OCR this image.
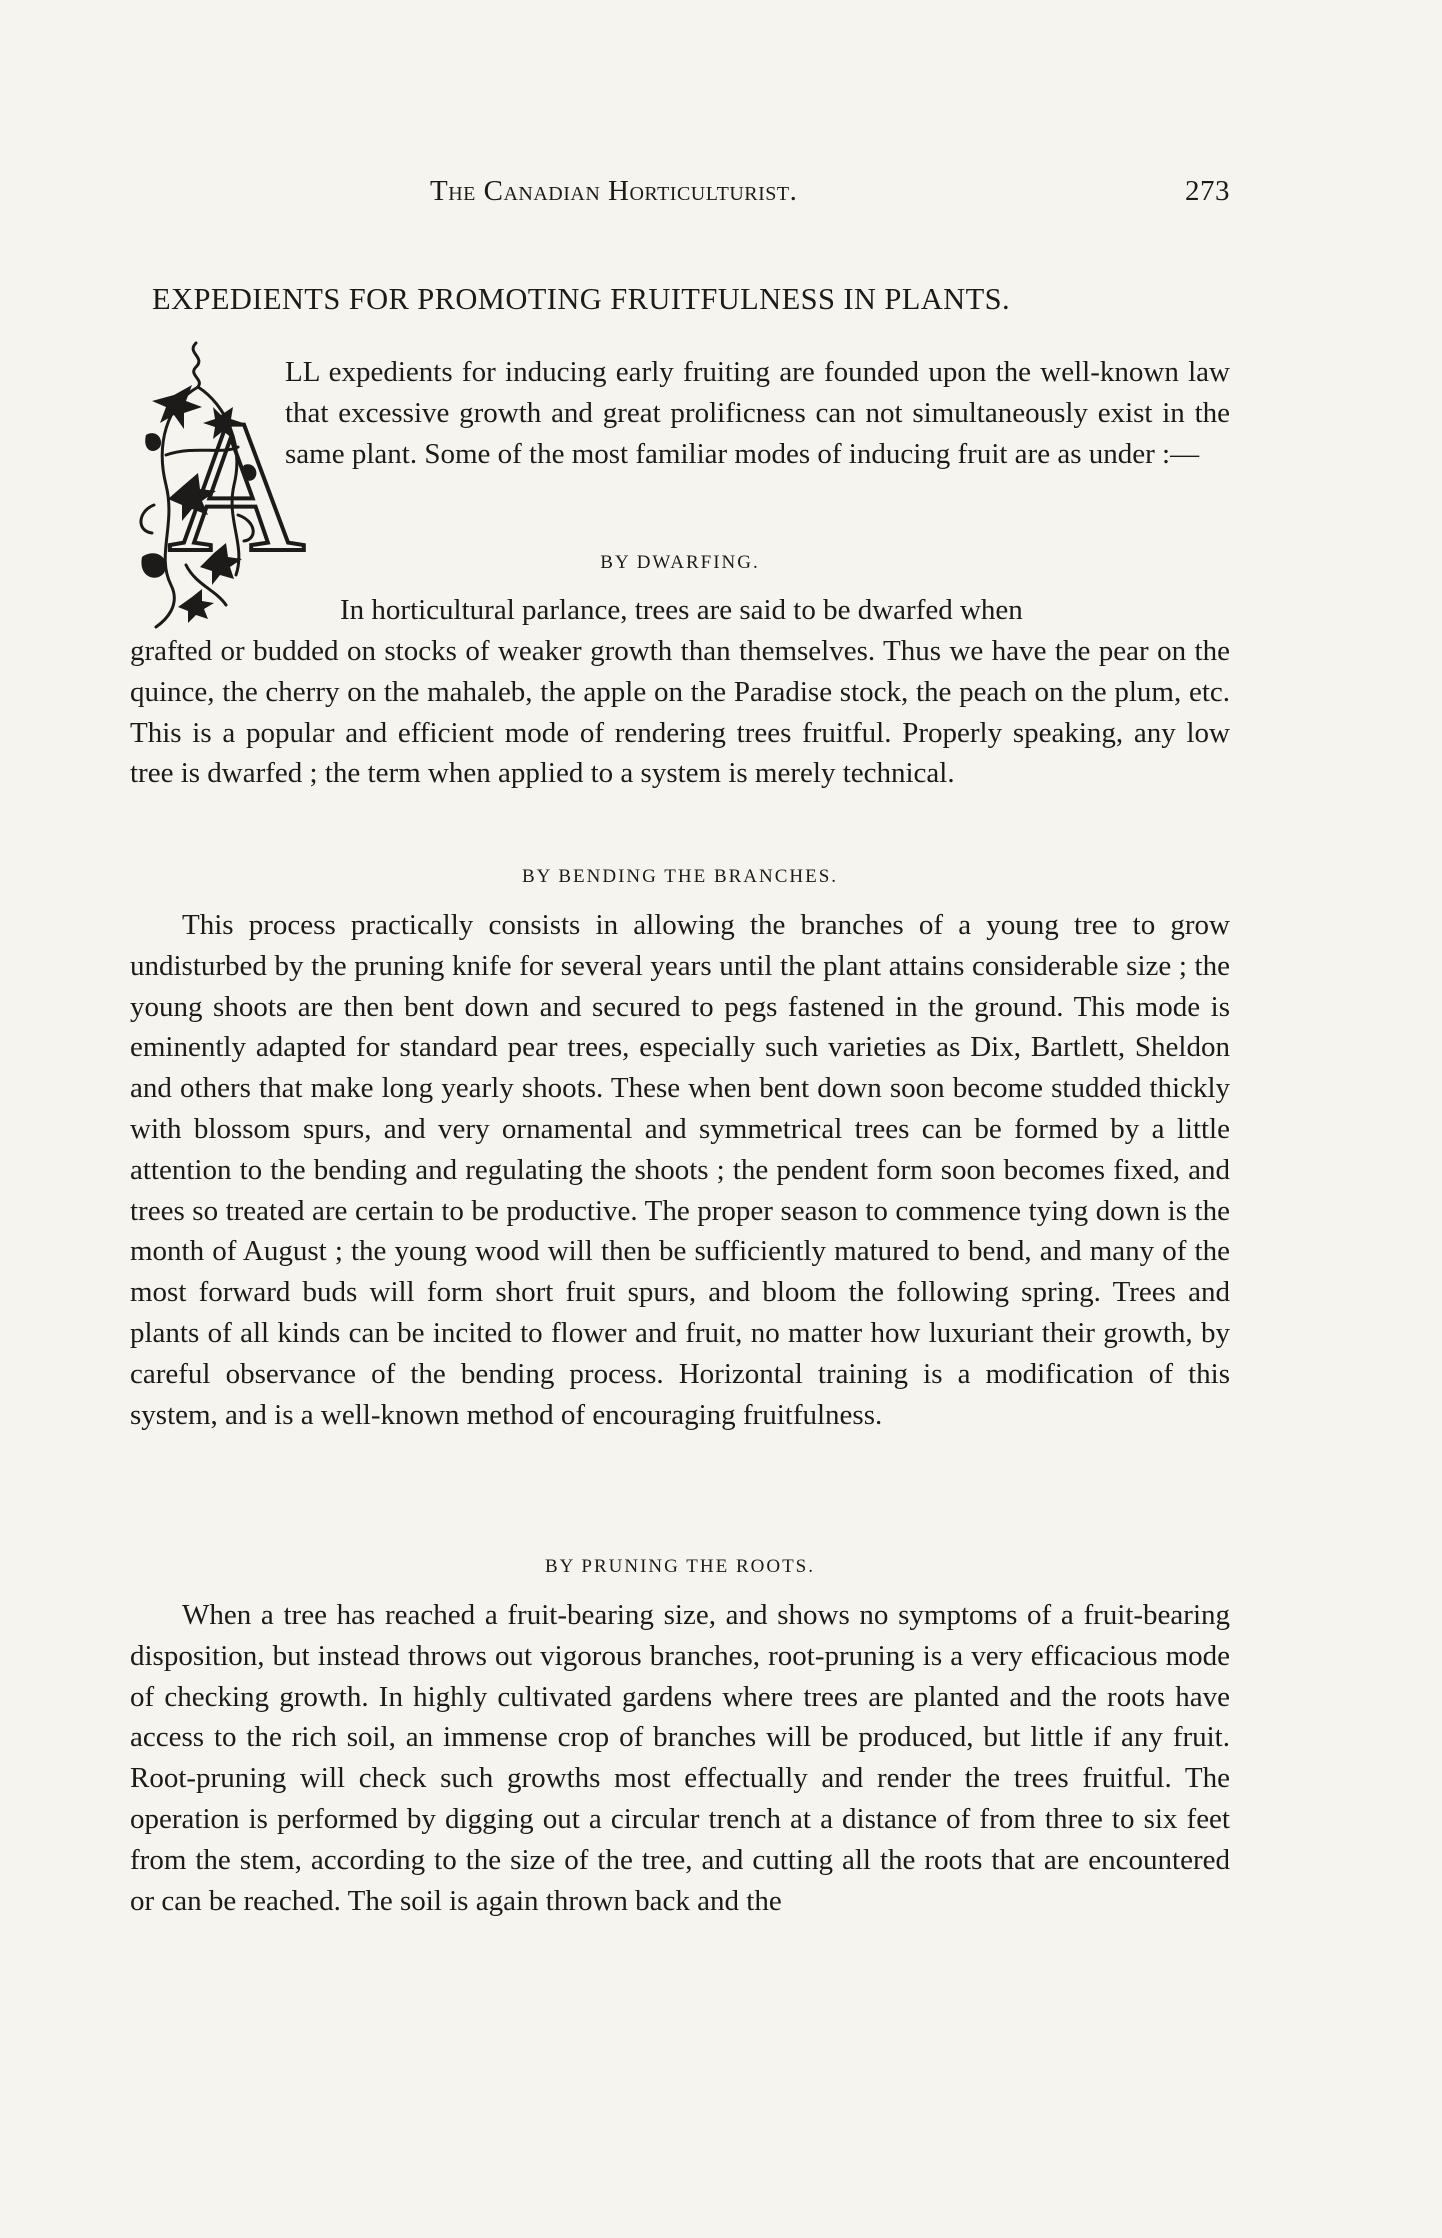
The Canadian Horticulturist.	273
EXPEDIENTS FOR PROMOTING FRUITFULNESS IN PLANTS.
A
LL expedients for inducing early fruiting are founded upon the well-known law that excessive growth and great prolificness can not simultaneously exist in the same plant. Some of the most familiar modes of inducing fruit are as under :—
BY DWARFING.
In horticultural parlance, trees are said to be dwarfed when
grafted or budded on stocks of weaker growth than themselves. Thus we have the pear on the quince, the cherry on the mahaleb, the apple on the Paradise stock, the peach on the plum, etc. This is a popular and efficient mode of rendering trees fruitful. Properly speaking, any low tree is dwarfed ; the term when applied to a system is merely technical.
BY BENDING THE BRANCHES.
This process practically consists in allowing the branches of a young tree to grow undisturbed by the pruning knife for several years until the plant attains considerable size ; the young shoots are then bent down and secured to pegs fastened in the ground. This mode is eminently adapted for standard pear trees, especially such varieties as Dix, Bartlett, Sheldon and others that make long yearly shoots. These when bent down soon become studded thickly with blossom spurs, and very ornamental and symmetrical trees can be formed by a little attention to the bending and regulating the shoots ; the pendent form soon becomes fixed, and trees so treated are certain to be productive. The proper season to commence tying down is the month of August ; the young wood will then be sufficiently matured to bend, and many of the most forward buds will form short fruit spurs, and bloom the following spring. Trees and plants of all kinds can be incited to flower and fruit, no matter how luxuriant their growth, by careful observance of the bending process. Horizontal training is a modification of this system, and is a well-known method of encouraging fruitfulness.
BY PRUNING THE ROOTS.
When a tree has reached a fruit-bearing size, and shows no symptoms of a fruit-bearing disposition, but instead throws out vigorous branches, root-pruning is a very efficacious mode of checking growth. In highly cultivated gardens where trees are planted and the roots have access to the rich soil, an immense crop of branches will be produced, but little if any fruit. Root-pruning will check such growths most effectually and render the trees fruitful. The operation is performed by digging out a circular trench at a distance of from three to six feet from the stem, according to the size of the tree, and cutting all the roots that are encountered or can be reached. The soil is again thrown back and the
